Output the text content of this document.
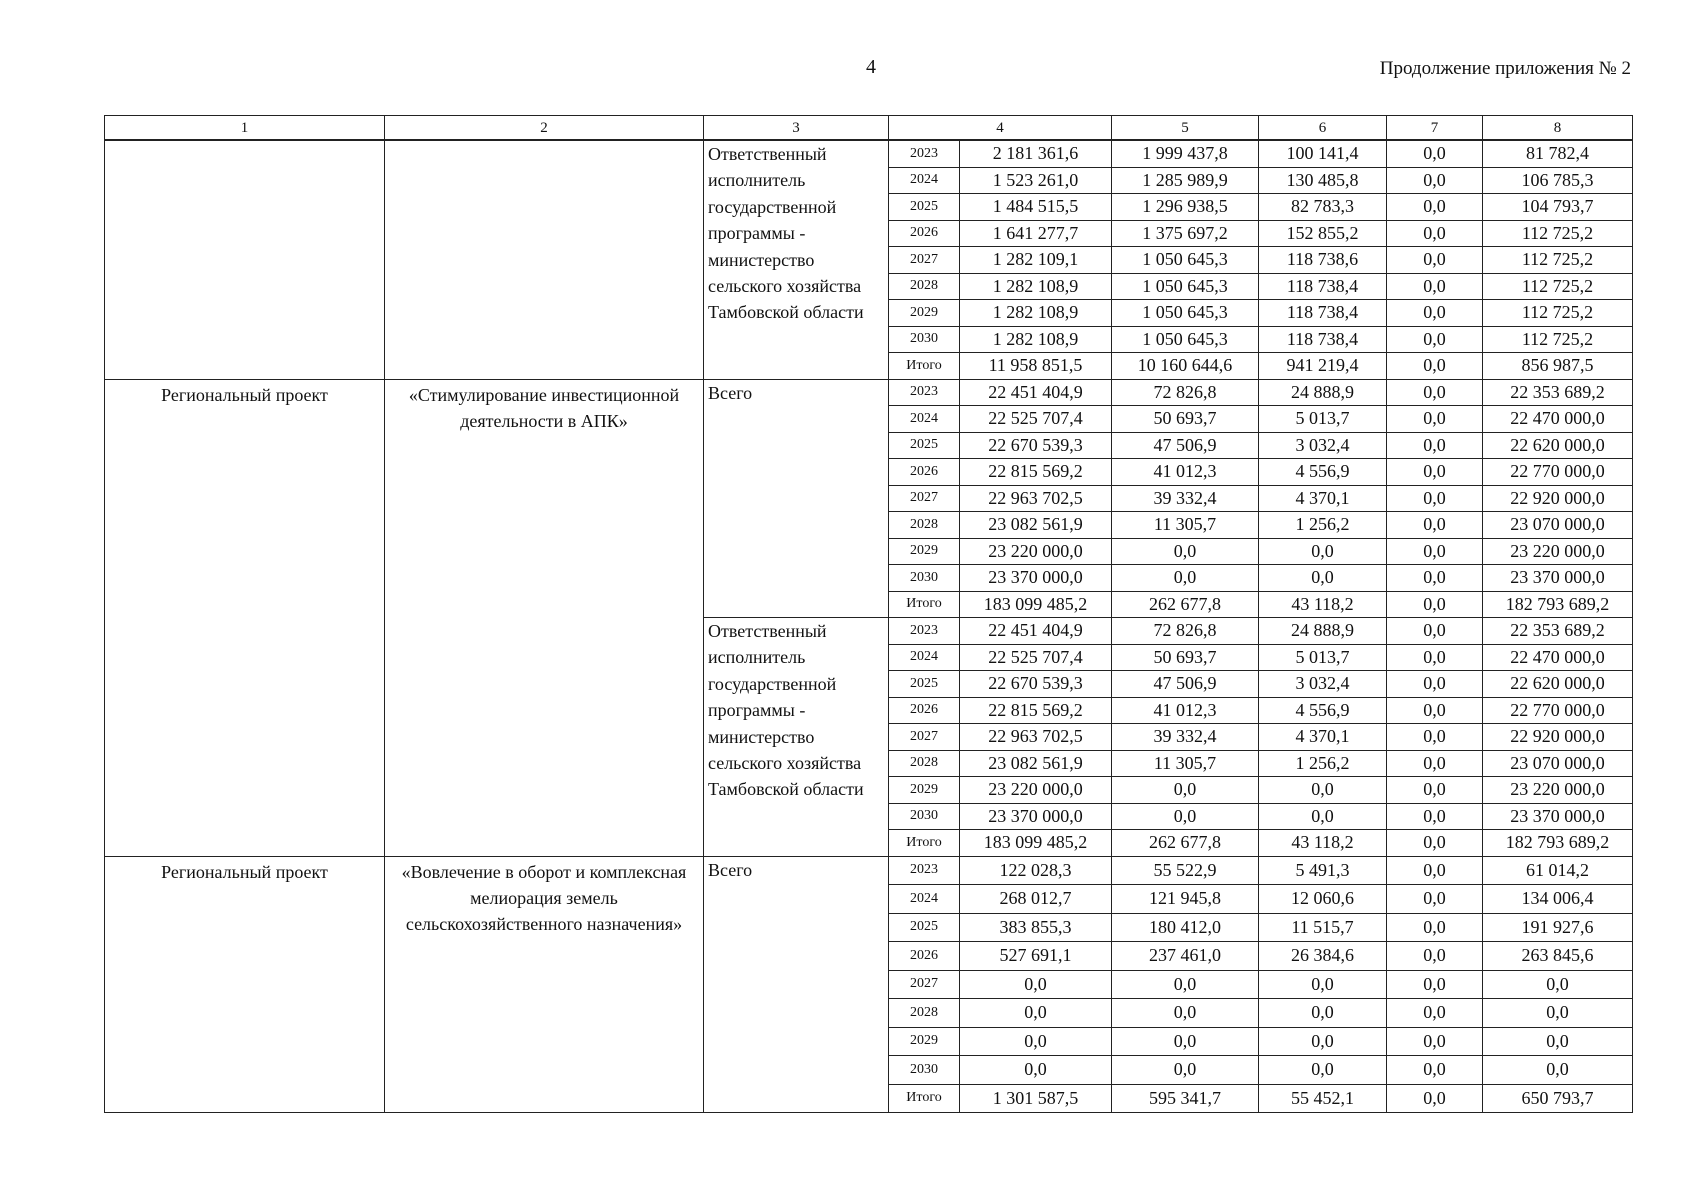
4	Продолжение приложения № 2
1	2	3	4		5	6	7	8
		Ответственный исполнитель государственной программы - министерство сельского хозяйства Тамбовской области	2023	2 181 361,6	1 999 437,8	100 141,4	0,0	81 782,4
			2024	1 523 261,0	1 285 989,9	130 485,8	0,0	106 785,3
			2025	1 484 515,5	1 296 938,5	82 783,3	0,0	104 793,7
			2026	1 641 277,7	1 375 697,2	152 855,2	0,0	112 725,2
			2027	1 282 109,1	1 050 645,3	118 738,6	0,0	112 725,2
			2028	1 282 108,9	1 050 645,3	118 738,4	0,0	112 725,2
			2029	1 282 108,9	1 050 645,3	118 738,4	0,0	112 725,2
			2030	1 282 108,9	1 050 645,3	118 738,4	0,0	112 725,2
			Итого	11 958 851,5	10 160 644,6	941 219,4	0,0	856 987,5
Региональный проект	«Стимулирование инвестиционной деятельности в АПК»	Всего	2023	22 451 404,9	72 826,8	24 888,9	0,0	22 353 689,2
			2024	22 525 707,4	50 693,7	5 013,7	0,0	22 470 000,0
			2025	22 670 539,3	47 506,9	3 032,4	0,0	22 620 000,0
			2026	22 815 569,2	41 012,3	4 556,9	0,0	22 770 000,0
			2027	22 963 702,5	39 332,4	4 370,1	0,0	22 920 000,0
			2028	23 082 561,9	11 305,7	1 256,2	0,0	23 070 000,0
			2029	23 220 000,0	0,0	0,0	0,0	23 220 000,0
			2030	23 370 000,0	0,0	0,0	0,0	23 370 000,0
			Итого	183 099 485,2	262 677,8	43 118,2	0,0	182 793 689,2
		Ответственный исполнитель государственной программы - министерство сельского хозяйства Тамбовской области	2023	22 451 404,9	72 826,8	24 888,9	0,0	22 353 689,2
			2024	22 525 707,4	50 693,7	5 013,7	0,0	22 470 000,0
			2025	22 670 539,3	47 506,9	3 032,4	0,0	22 620 000,0
			2026	22 815 569,2	41 012,3	4 556,9	0,0	22 770 000,0
			2027	22 963 702,5	39 332,4	4 370,1	0,0	22 920 000,0
			2028	23 082 561,9	11 305,7	1 256,2	0,0	23 070 000,0
			2029	23 220 000,0	0,0	0,0	0,0	23 220 000,0
			2030	23 370 000,0	0,0	0,0	0,0	23 370 000,0
			Итого	183 099 485,2	262 677,8	43 118,2	0,0	182 793 689,2
Региональный проект	«Вовлечение в оборот и комплексная мелиорация земель сельскохозяйственного назначения»	Всего	2023	122 028,3	55 522,9	5 491,3	0,0	61 014,2
			2024	268 012,7	121 945,8	12 060,6	0,0	134 006,4
			2025	383 855,3	180 412,0	11 515,7	0,0	191 927,6
			2026	527 691,1	237 461,0	26 384,6	0,0	263 845,6
			2027	0,0	0,0	0,0	0,0	0,0
			2028	0,0	0,0	0,0	0,0	0,0
			2029	0,0	0,0	0,0	0,0	0,0
			2030	0,0	0,0	0,0	0,0	0,0
			Итого	1 301 587,5	595 341,7	55 452,1	0,0	650 793,7
